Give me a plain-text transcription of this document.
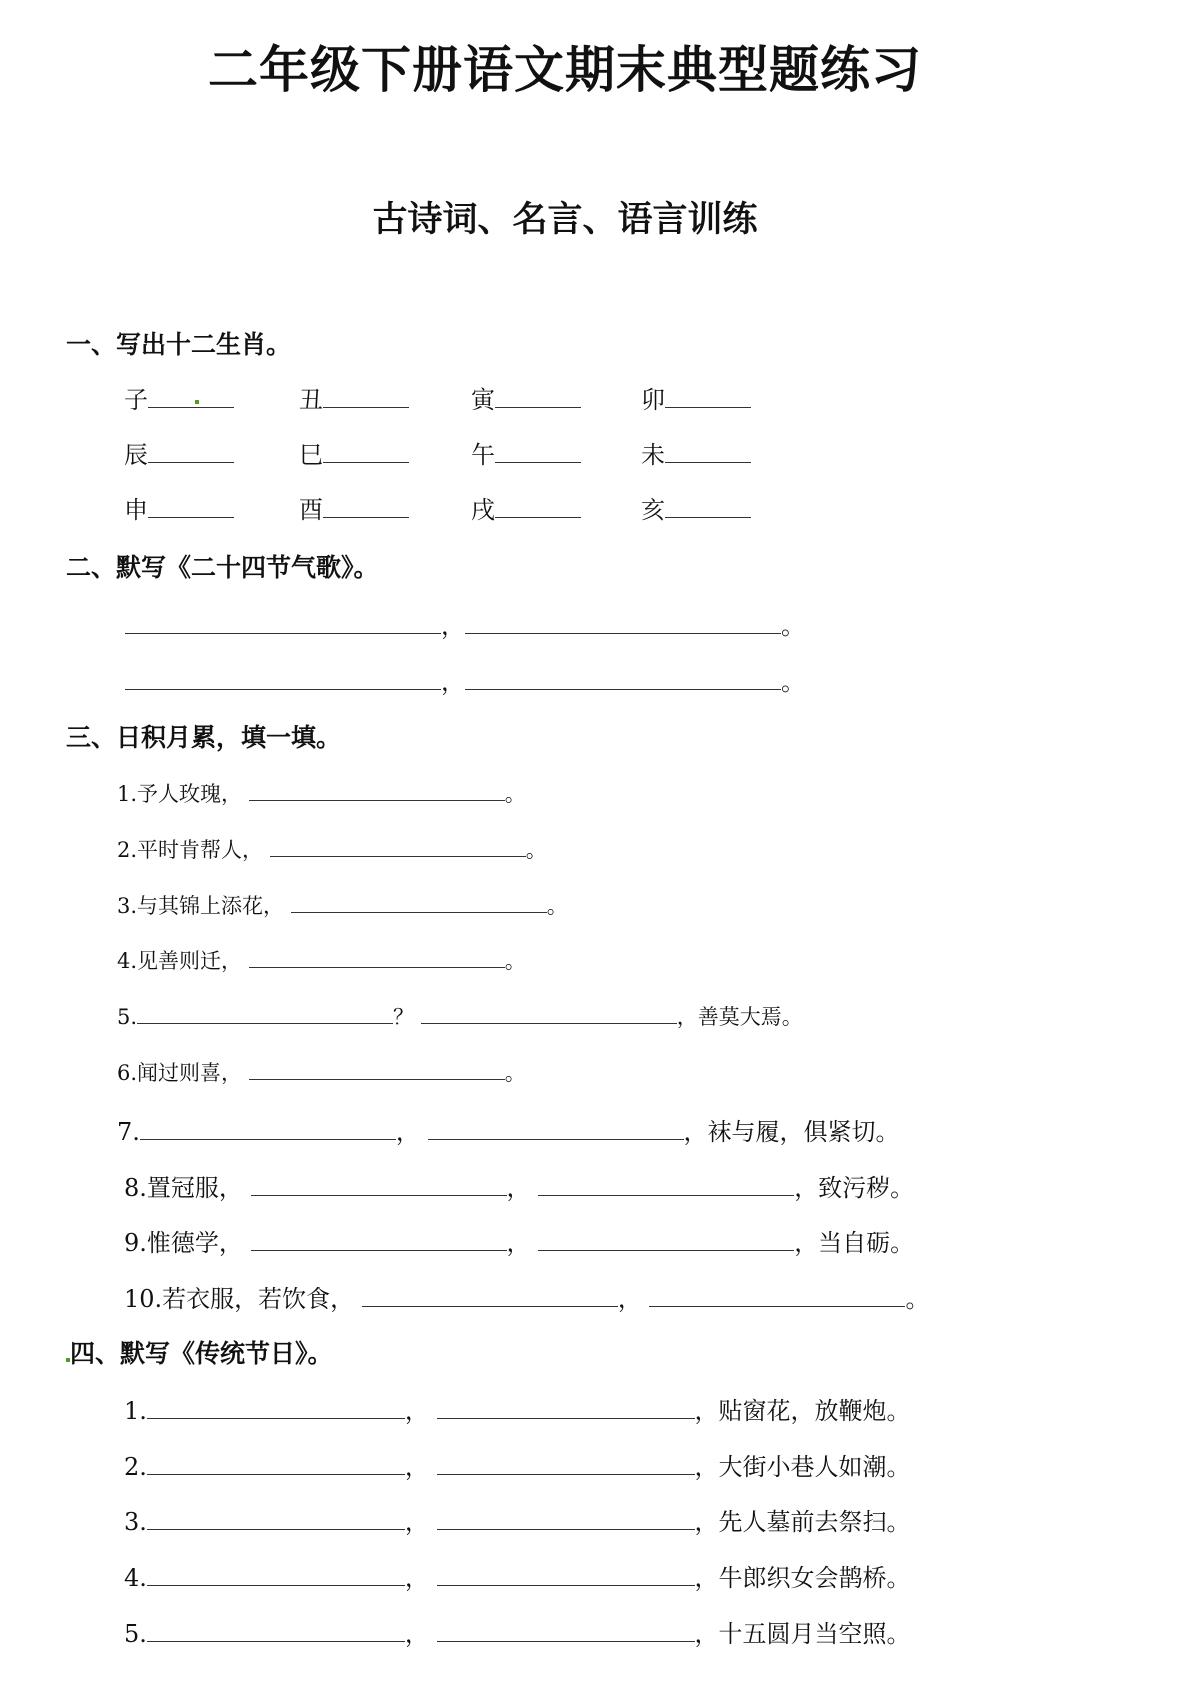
二年级下册语文期末典型题练习
古诗词、名言、语言训练
一、写出十二生肖。
子	丑	寅	卯
辰	巳	午	未
申	酉	戌	亥
二、默写《二十四节气歌》。
，	。
，	。
三、日积月累，填一填。
1.予人玫瑰，	。
2.平时肯帮人，	。
3.与其锦上添花，	。
4.见善则迁，	。
5.	？	，善莫大焉。
6.闻过则喜，	。
7.	，	，袜与履，俱紧切。
8.置冠服，	，	，致污秽。
9.惟德学，	，	，当自砺。
10.若衣服，若饮食，	，	。
四、默写《传统节日》。
1.	，	，贴窗花，放鞭炮。
2.	，	，大街小巷人如潮。
3.	，	，先人墓前去祭扫。
4.	，	，牛郎织女会鹊桥。
5.	，	，十五圆月当空照。
